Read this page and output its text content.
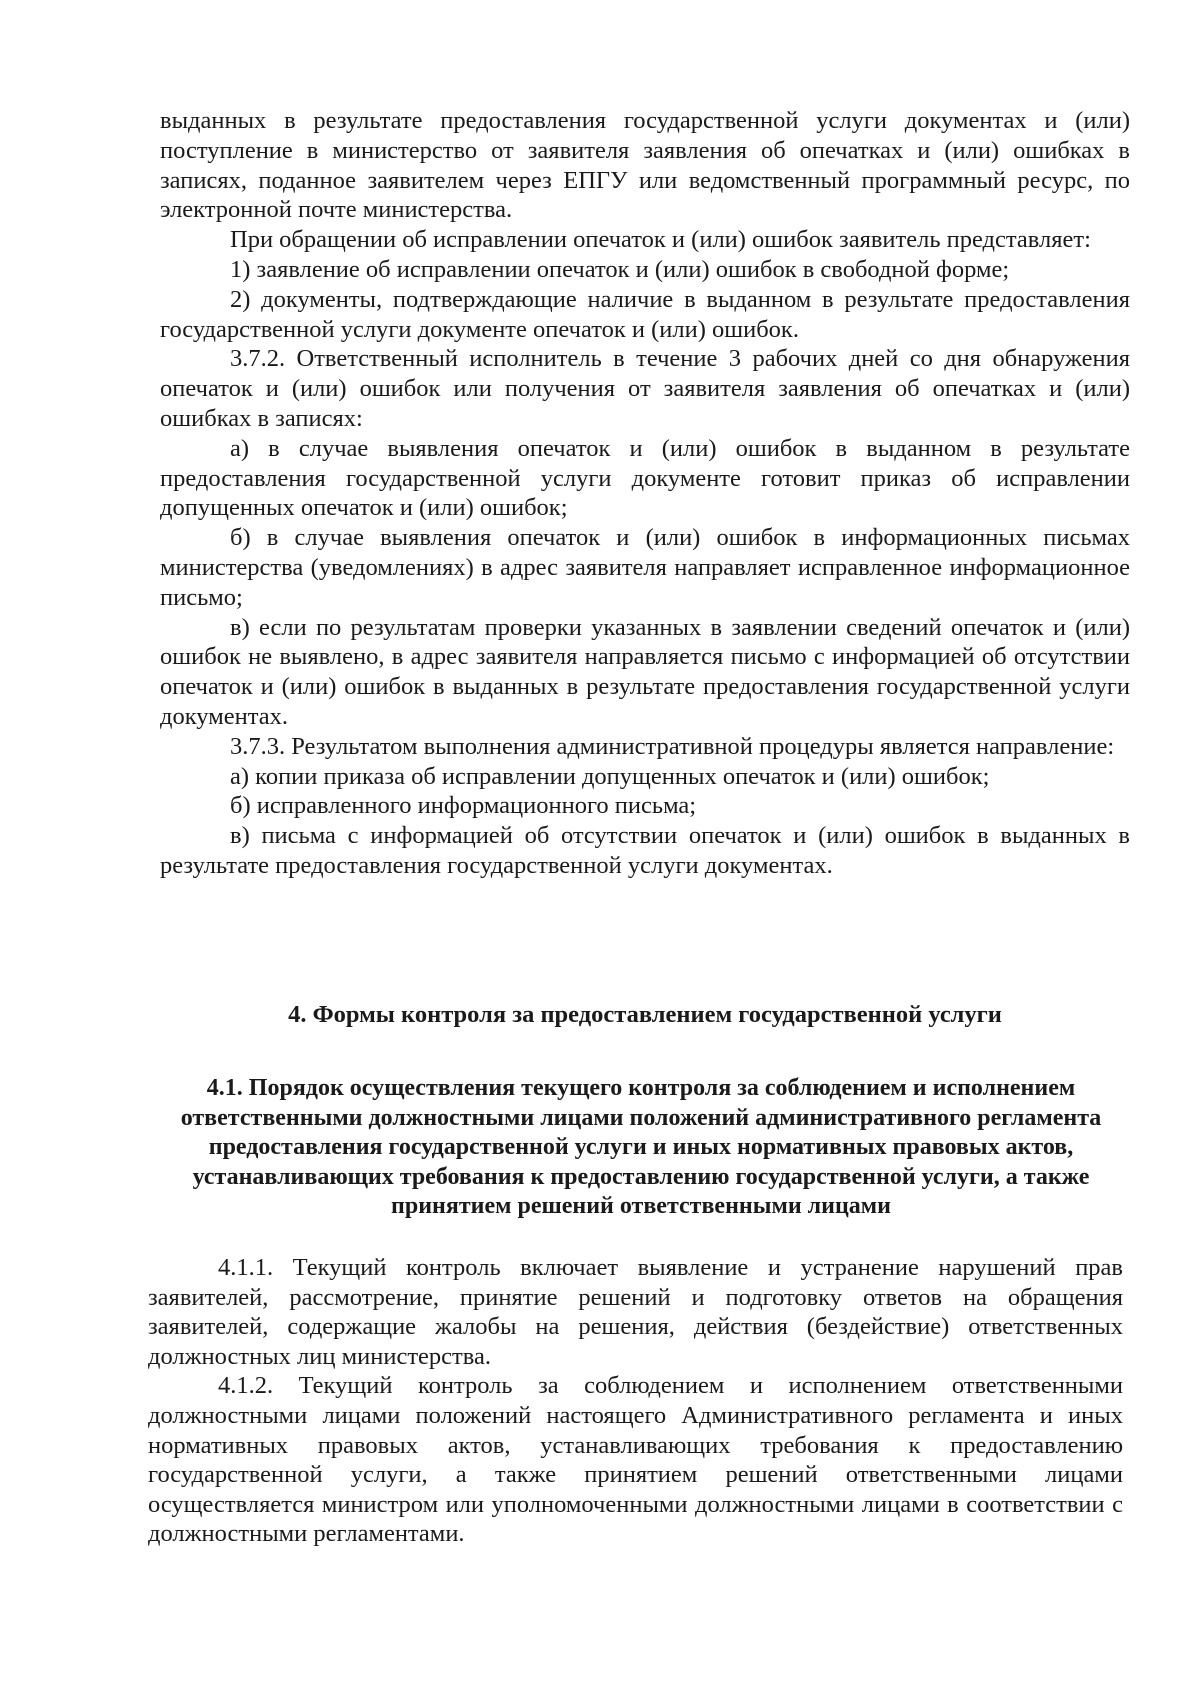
выданных в результате предоставления государственной услуги документах и (или) поступление в министерство от заявителя заявления об опечатках и (или) ошибках в записях, поданное заявителем через ЕПГУ или ведомственный программный ресурс, по электронной почте министерства.

При обращении об исправлении опечаток и (или) ошибок заявитель представляет:

1) заявление об исправлении опечаток и (или) ошибок в свободной форме;

2) документы, подтверждающие наличие в выданном в результате предоставления государственной услуги документе опечаток и (или) ошибок.

3.7.2. Ответственный исполнитель в течение 3 рабочих дней со дня обнаружения опечаток и (или) ошибок или получения от заявителя заявления об опечатках и (или) ошибках в записях:

а) в случае выявления опечаток и (или) ошибок в выданном в результате предоставления государственной услуги документе готовит приказ об исправлении допущенных опечаток и (или) ошибок;

б) в случае выявления опечаток и (или) ошибок в информационных письмах министерства (уведомлениях) в адрес заявителя направляет исправленное информационное письмо;

в) если по результатам проверки указанных в заявлении сведений опечаток и (или) ошибок не выявлено, в адрес заявителя направляется письмо с информацией об отсутствии опечаток и (или) ошибок в выданных в результате предоставления государственной услуги документах.

3.7.3. Результатом выполнения административной процедуры является направление:

а) копии приказа об исправлении допущенных опечаток и (или) ошибок;

б) исправленного информационного письма;

в) письма с информацией об отсутствии опечаток и (или) ошибок в выданных в результате предоставления государственной услуги документах.

4. Формы контроля за предоставлением государственной услуги
4.1. Порядок осуществления текущего контроля за соблюдением и исполнением ответственными должностными лицами положений административного регламента предоставления государственной услуги и иных нормативных правовых актов, устанавливающих требования к предоставлению государственной услуги, а также принятием решений ответственными лицами

4.1.1. Текущий контроль включает выявление и устранение нарушений прав заявителей, рассмотрение, принятие решений и подготовку ответов на обращения заявителей, содержащие жалобы на решения, действия (бездействие) ответственных должностных лиц министерства.

4.1.2. Текущий контроль за соблюдением и исполнением ответственными должностными лицами положений настоящего Административного регламента и иных нормативных правовых актов, устанавливающих требования к предоставлению государственной услуги, а также принятием решений ответственными лицами осуществляется министром или уполномоченными должностными лицами в соответствии с должностными регламентами.
